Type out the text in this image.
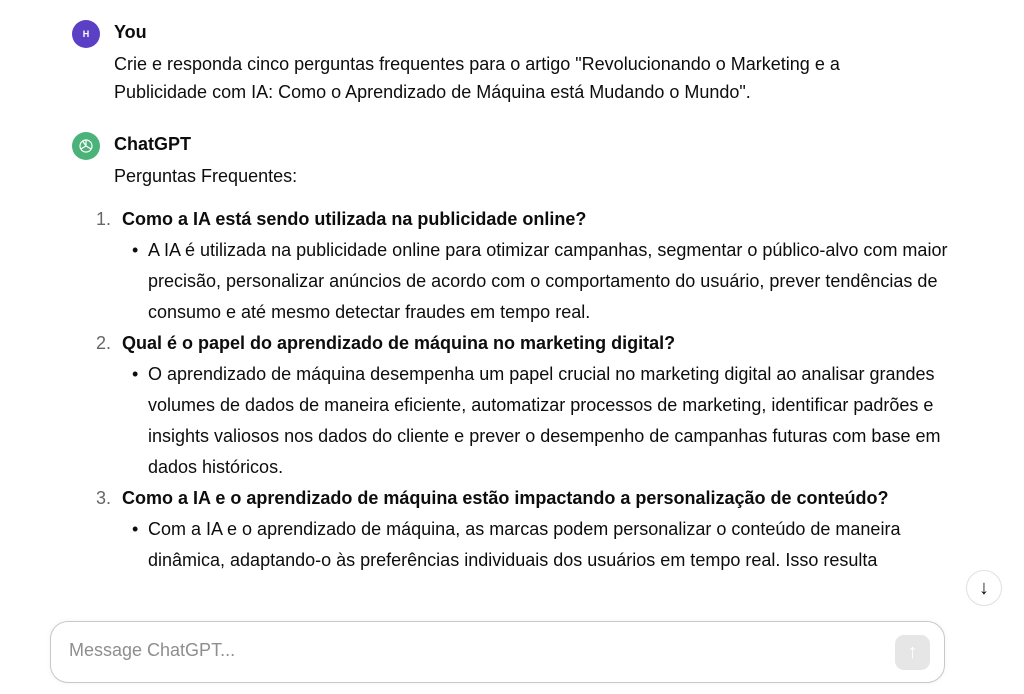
H You
Crie e responda cinco perguntas frequentes para o artigo "Revolucionando o Marketing e a Publicidade com IA: Como o Aprendizado de Máquina está Mudando o Mundo".
ChatGPT
Perguntas Frequentes:
1. Como a IA está sendo utilizada na publicidade online?
• A IA é utilizada na publicidade online para otimizar campanhas, segmentar o público-alvo com maior precisão, personalizar anúncios de acordo com o comportamento do usuário, prever tendências de consumo e até mesmo detectar fraudes em tempo real.
2. Qual é o papel do aprendizado de máquina no marketing digital?
• O aprendizado de máquina desempenha um papel crucial no marketing digital ao analisar grandes volumes de dados de maneira eficiente, automatizar processos de marketing, identificar padrões e insights valiosos nos dados do cliente e prever o desempenho de campanhas futuras com base em dados históricos.
3. Como a IA e o aprendizado de máquina estão impactando a personalização de conteúdo?
• Com a IA e o aprendizado de máquina, as marcas podem personalizar o conteúdo de maneira dinâmica, adaptando-o às preferências individuais dos usuários em tempo real. Isso resulta
↓
Message ChatGPT...
↑
